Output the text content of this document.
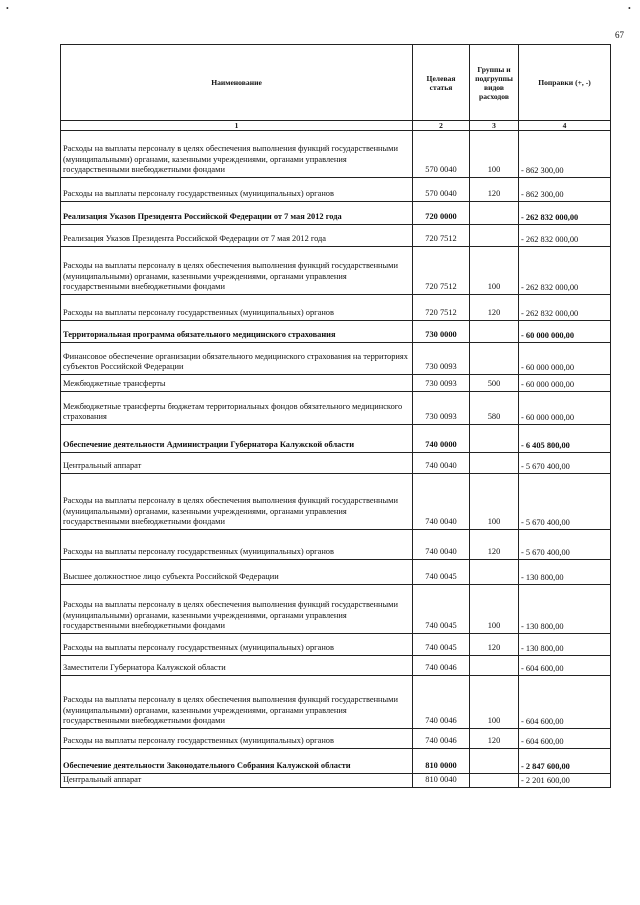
•	•
67
Наименование	Целевая статья	Группы и подгруппы видов расходов	Поправки (+, -)
1	2	3	4
Расходы на выплаты персоналу в целях обеспечения выполнения функций государственными (муниципальными) органами, казенными учреждениями, органами управления государственными внебюджетными фондами	570 0040	100	- 862 300,00
Расходы на выплаты персоналу государственных (муниципальных) органов	570 0040	120	- 862 300,00
Реализация Указов Президента Российской Федерации от 7 мая 2012 года	720 0000		- 262 832 000,00
Реализация Указов Президента Российской Федерации от 7 мая 2012 года	720 7512		- 262 832 000,00
Расходы на выплаты персоналу в целях обеспечения выполнения функций государственными (муниципальными) органами, казенными учреждениями, органами управления государственными внебюджетными фондами	720 7512	100	- 262 832 000,00
Расходы на выплаты персоналу государственных (муниципальных) органов	720 7512	120	- 262 832 000,00
Территориальная программа обязательного медицинского страхования	730 0000		- 60 000 000,00
Финансовое обеспечение организации обязательного медицинского страхования на территориях субъектов Российской Федерации	730 0093		- 60 000 000,00
Межбюджетные трансферты	730 0093	500	- 60 000 000,00
Межбюджетные трансферты бюджетам территориальных фондов обязательного медицинского страхования	730 0093	580	- 60 000 000,00
Обеспечение деятельности Администрации Губернатора Калужской области	740 0000		- 6 405 800,00
Центральный аппарат	740 0040		- 5 670 400,00
Расходы на выплаты персоналу в целях обеспечения выполнения функций государственными (муниципальными) органами, казенными учреждениями, органами управления государственными внебюджетными фондами	740 0040	100	- 5 670 400,00
Расходы на выплаты персоналу государственных (муниципальных) органов	740 0040	120	- 5 670 400,00
Высшее должностное лицо субъекта Российской Федерации	740 0045		- 130 800,00
Расходы на выплаты персоналу в целях обеспечения выполнения функций государственными (муниципальными) органами, казенными учреждениями, органами управления государственными внебюджетными фондами	740 0045	100	- 130 800,00
Расходы на выплаты персоналу государственных (муниципальных) органов	740 0045	120	- 130 800,00
Заместители Губернатора Калужской области	740 0046		- 604 600,00
Расходы на выплаты персоналу в целях обеспечения выполнения функций государственными (муниципальными) органами, казенными учреждениями, органами управления государственными внебюджетными фондами	740 0046	100	- 604 600,00
Расходы на выплаты персоналу государственных (муниципальных) органов	740 0046	120	- 604 600,00
Обеспечение деятельности Законодательного Собрания Калужской области	810 0000		- 2 847 600,00
Центральный аппарат	810 0040		- 2 201 600,00
